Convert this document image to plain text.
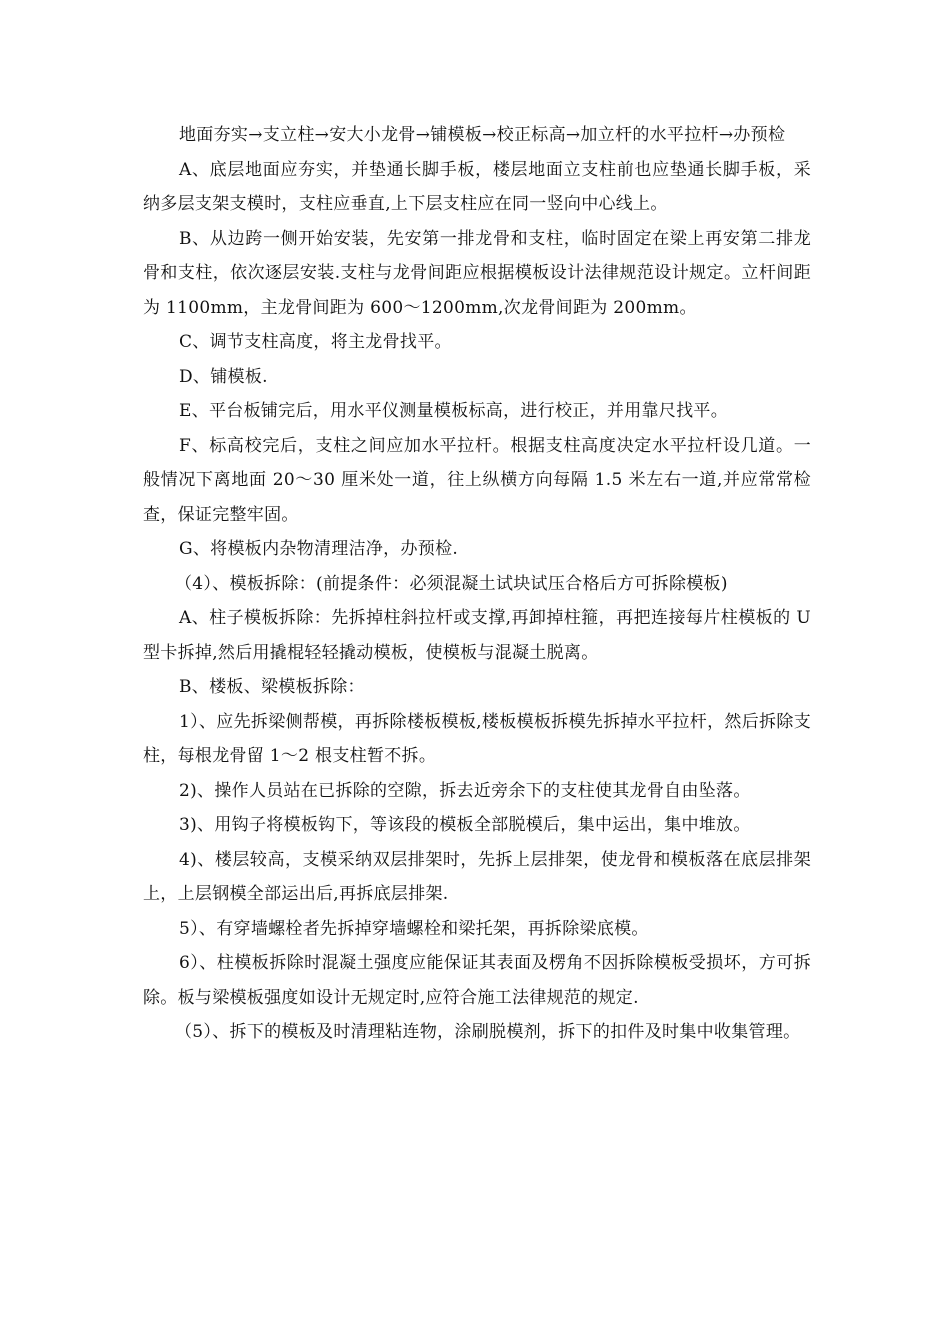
地面夯实→支立柱→安大小龙骨→铺模板→校正标高→加立杆的水平拉杆→办预检

A、底层地面应夯实，并垫通长脚手板，楼层地面立支柱前也应垫通长脚手板，采纳多层支架支模时，支柱应垂直,上下层支柱应在同一竖向中心线上。

B、从边跨一侧开始安装，先安第一排龙骨和支柱，临时固定在梁上再安第二排龙骨和支柱，依次逐层安装.支柱与龙骨间距应根据模板设计法律规范设计规定。立杆间距为 1100mm，主龙骨间距为 600～1200mm,次龙骨间距为 200mm。

C、调节支柱高度，将主龙骨找平。

D、铺模板.

E、平台板铺完后，用水平仪测量模板标高，进行校正，并用靠尺找平。

F、标高校完后，支柱之间应加水平拉杆。根据支柱高度决定水平拉杆设几道。一般情况下离地面 20～30 厘米处一道，往上纵横方向每隔 1.5 米左右一道,并应常常检查，保证完整牢固。

G、将模板内杂物清理洁净，办预检.

（4）、模板拆除：(前提条件：必须混凝土试块试压合格后方可拆除模板)

A、柱子模板拆除：先拆掉柱斜拉杆或支撑,再卸掉柱箍，再把连接每片柱模板的 U 型卡拆掉,然后用撬棍轻轻撬动模板，使模板与混凝土脱离。

B、楼板、梁模板拆除：

1）、应先拆梁侧帮模，再拆除楼板模板,楼板模板拆模先拆掉水平拉杆，然后拆除支柱，每根龙骨留 1～2 根支柱暂不拆。

2)、操作人员站在已拆除的空隙，拆去近旁余下的支柱使其龙骨自由坠落。

3)、用钩子将模板钩下，等该段的模板全部脱模后，集中运出，集中堆放。

4)、楼层较高，支模采纳双层排架时，先拆上层排架，使龙骨和模板落在底层排架上，上层钢模全部运出后,再拆底层排架.

5）、有穿墙螺栓者先拆掉穿墙螺栓和梁托架，再拆除梁底模。

6）、柱模板拆除时混凝土强度应能保证其表面及楞角不因拆除模板受损坏，方可拆除。板与梁模板强度如设计无规定时,应符合施工法律规范的规定.

（5）、拆下的模板及时清理粘连物，涂刷脱模剂，拆下的扣件及时集中收集管理。
